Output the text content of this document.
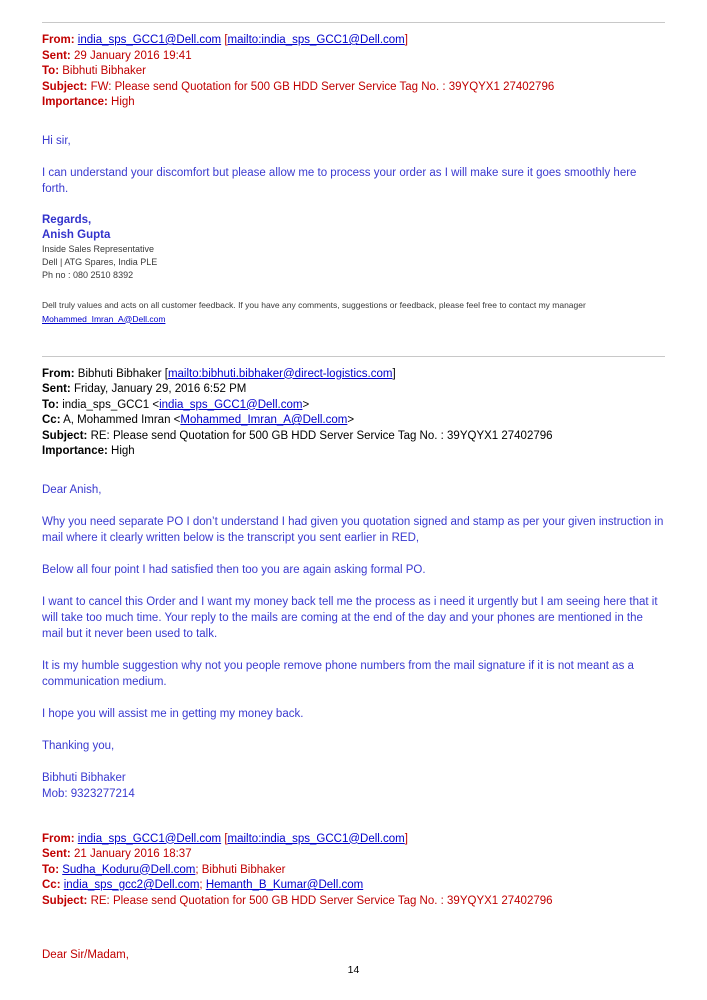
From: india_sps_GCC1@Dell.com [mailto:india_sps_GCC1@Dell.com]

Sent: 29 January 2016 19:41

To: Bibhuti Bibhaker

Subject: FW: Please send Quotation for 500 GB HDD Server Service Tag No. : 39YQYX1 27402796

Importance: High

Hi sir,

I can understand your discomfort but please allow me to process your order as I will make sure it goes smoothly here forth.

Regards,

Anish Gupta

Inside Sales Representative

Dell | ATG Spares, India PLE

Ph no : 080 2510 8392

Dell truly values and acts on all customer feedback. If you have any comments, suggestions or feedback, please feel free to contact my manager Mohammed_Imran_A@Dell.com

From: Bibhuti Bibhaker [mailto:bibhuti.bibhaker@direct-logistics.com]

Sent: Friday, January 29, 2016 6:52 PM

To: india_sps_GCC1 <india_sps_GCC1@Dell.com>

Cc: A, Mohammed Imran <Mohammed_Imran_A@Dell.com>

Subject: RE: Please send Quotation for 500 GB HDD Server Service Tag No. : 39YQYX1 27402796

Importance: High

Dear Anish,

Why you need separate PO I don’t understand I had given you quotation signed and stamp as per your given instruction in mail where it clearly written below is the transcript you sent earlier in RED,

Below all four point I had satisfied then too you are again asking formal PO.

I want to cancel this Order and I want my money back tell me the process as i need it urgently but I am seeing here that it will take too much time. Your reply to the mails are coming at the end of the day and your phones are mentioned in the mail but it never been used to talk.

It is my humble suggestion why not you people remove phone numbers from the mail signature if it is not meant as a communication medium.

I hope you will assist me in getting my money back.

Thanking you,

Bibhuti Bibhaker

Mob: 9323277214

From: india_sps_GCC1@Dell.com [mailto:india_sps_GCC1@Dell.com]

Sent: 21 January 2016 18:37

To: Sudha_Koduru@Dell.com; Bibhuti Bibhaker

Cc: india_sps_gcc2@Dell.com; Hemanth_B_Kumar@Dell.com

Subject: RE: Please send Quotation for 500 GB HDD Server Service Tag No. : 39YQYX1 27402796

Dear Sir/Madam,

14
